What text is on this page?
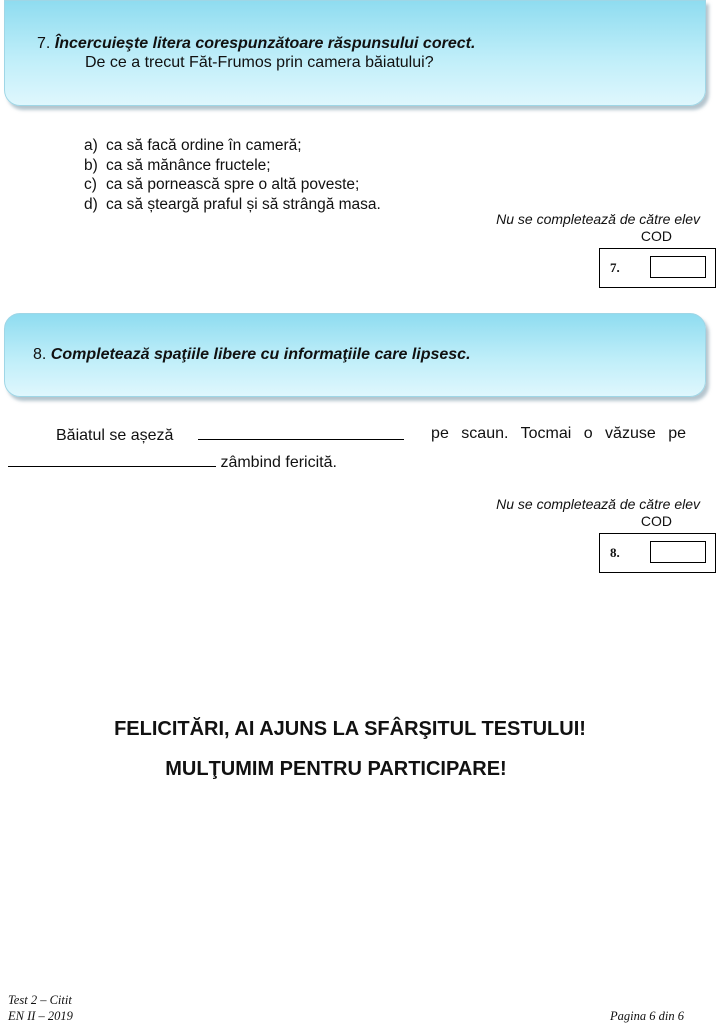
7. Încercuieşte litera corespunzătoare răspunsului corect.
De ce a trecut Făt-Frumos prin camera băiatului?
a) ca să facă ordine în cameră;
b) ca să mănânce fructele;
c) ca să pornească spre o altă poveste;
d) ca să șteargă praful și să strângă masa.
Nu se completează de către elev
COD
7.
8. Completează spaţiile libere cu informaţiile care lipsesc.
Băiatul se așeză	pe scaun. Tocmai o văzuse pe
zâmbind fericită.
Nu se completează de către elev
COD
8.
FELICITĂRI, AI AJUNS LA SFÂRŞITUL TESTULUI!
MULŢUMIM PENTRU PARTICIPARE!
Test 2 – Citit
EN II – 2019	Pagina 6 din 6
